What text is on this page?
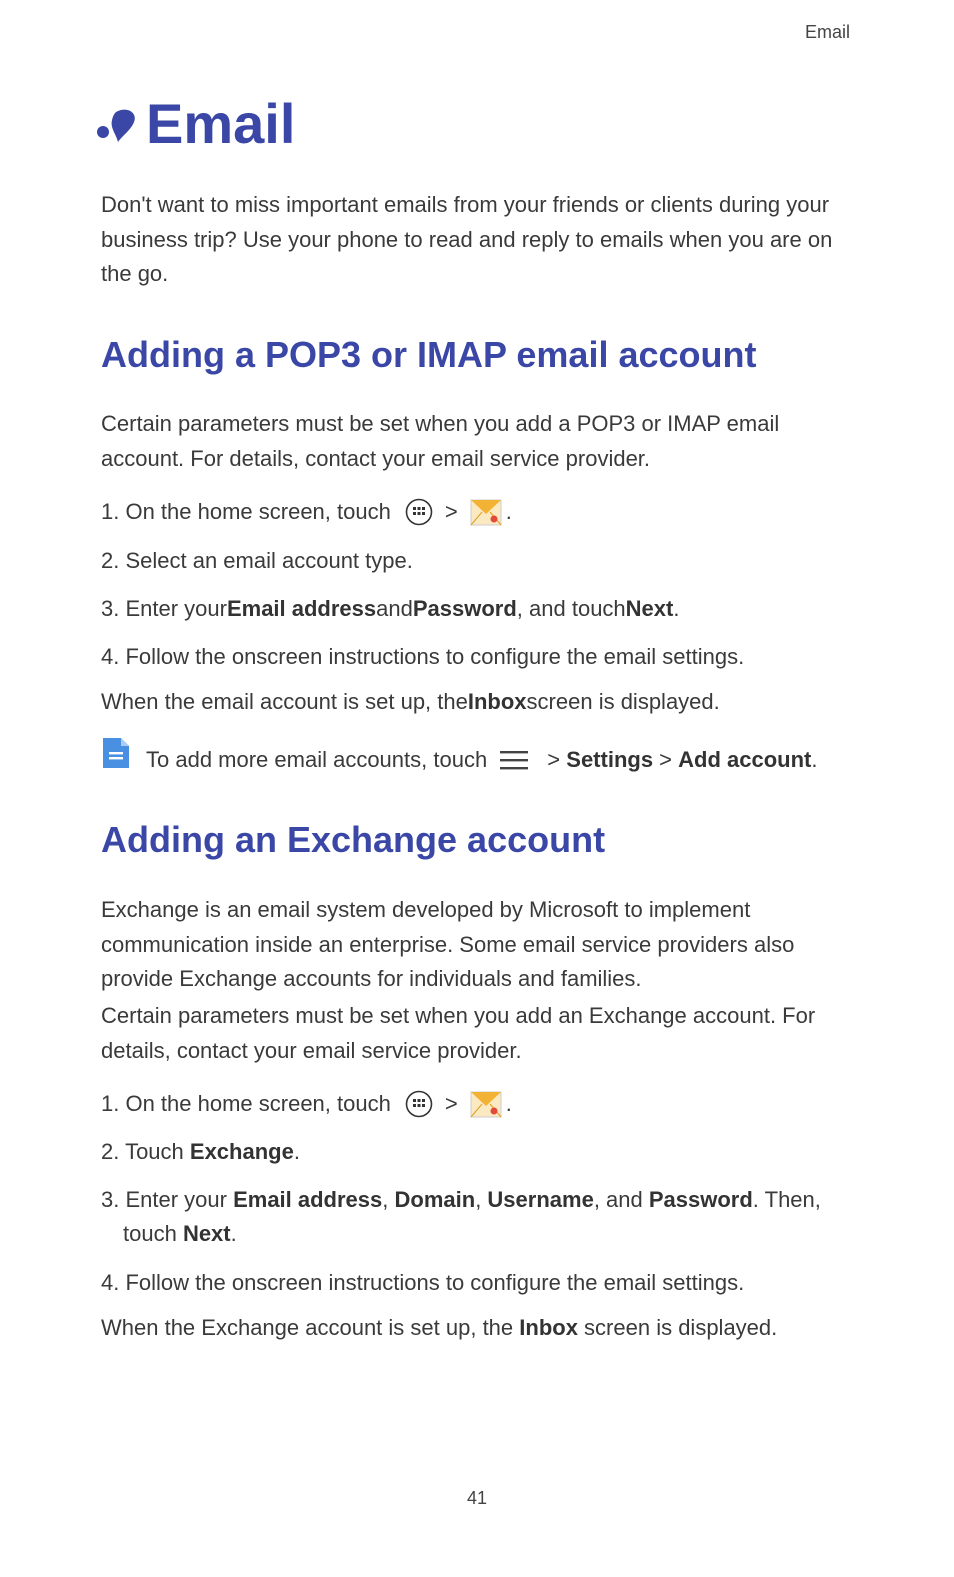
Email
Email

Don't want to miss important emails from your friends or clients during your business trip? Use your phone to read and reply to emails when you are on the go.

Adding a POP3 or IMAP email account

Certain parameters must be set when you add a POP3 or IMAP email account. For details, contact your email service provider.

1. On the home screen, touch > .
2. Select an email account type.
3. Enter your Email address and Password , and touch Next .
4. Follow the onscreen instructions to configure the email settings.
When the email account is set up, the Inbox screen is displayed.
To add more email accounts, touch > Settings > Add account .
Adding an Exchange account

Exchange is an email system developed by Microsoft to implement communication inside an enterprise. Some email service providers also provide Exchange accounts for individuals and families.

Certain parameters must be set when you add an Exchange account. For details, contact your email service provider.

1. On the home screen, touch > .
2. Touch Exchange .
3. Enter your Email address , Domain , Username , and Password . Then,
touch Next .
4. Follow the onscreen instructions to configure the email settings.
When the Exchange account is set up, the Inbox screen is displayed.
41
